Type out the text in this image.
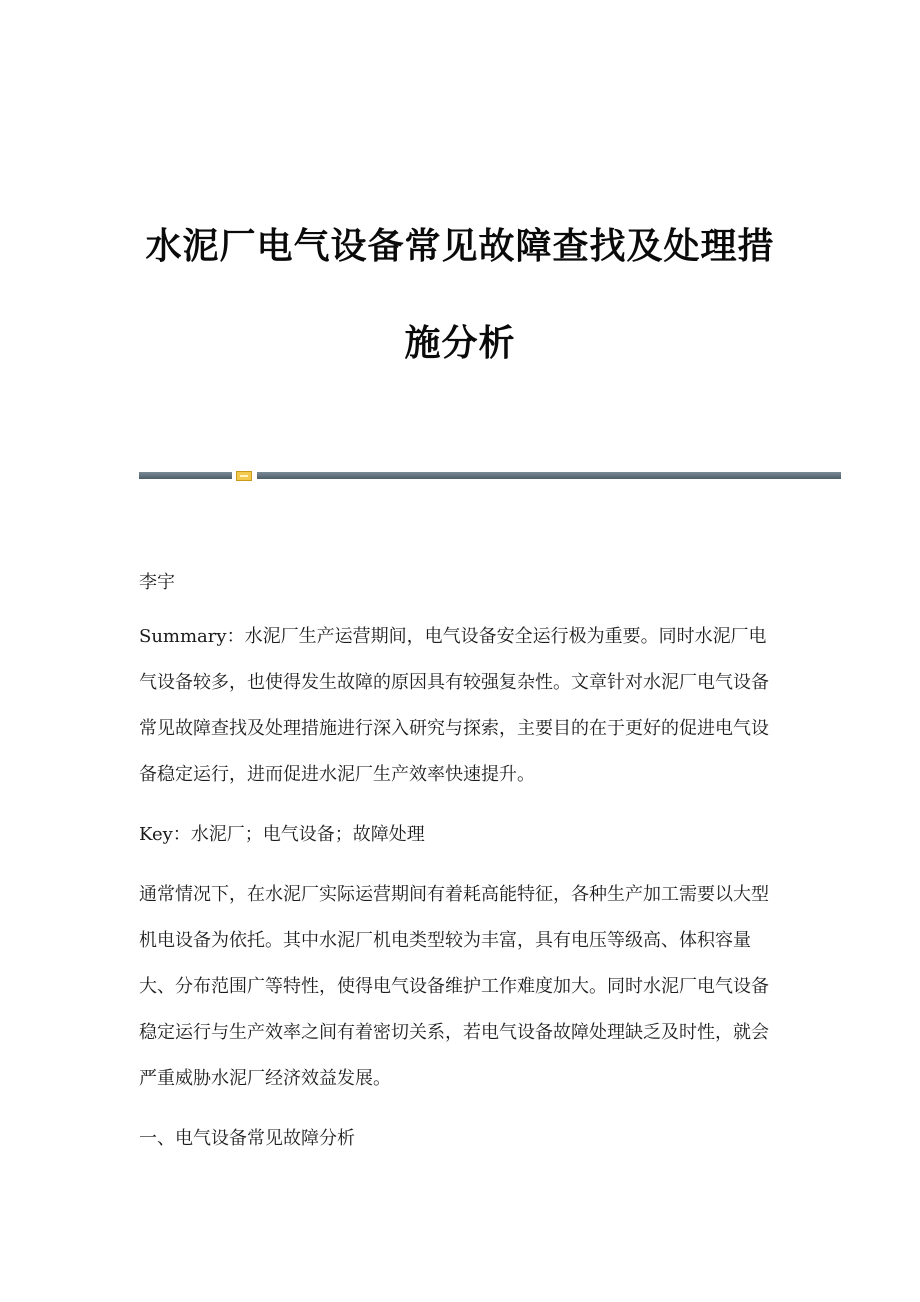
水泥厂电气设备常见故障查找及处理措
施分析

李宇

Summary：水泥厂生产运营期间，电气设备安全运行极为重要。同时水泥厂电气设备较多，也使得发生故障的原因具有较强复杂性。文章针对水泥厂电气设备常见故障查找及处理措施进行深入研究与探索，主要目的在于更好的促进电气设备稳定运行，进而促进水泥厂生产效率快速提升。

Key：水泥厂；电气设备；故障处理

通常情况下，在水泥厂实际运营期间有着耗高能特征，各种生产加工需要以大型机电设备为依托。其中水泥厂机电类型较为丰富，具有电压等级高、体积容量大、分布范围广等特性，使得电气设备维护工作难度加大。同时水泥厂电气设备稳定运行与生产效率之间有着密切关系，若电气设备故障处理缺乏及时性，就会严重威胁水泥厂经济效益发展。

一、电气设备常见故障分析
